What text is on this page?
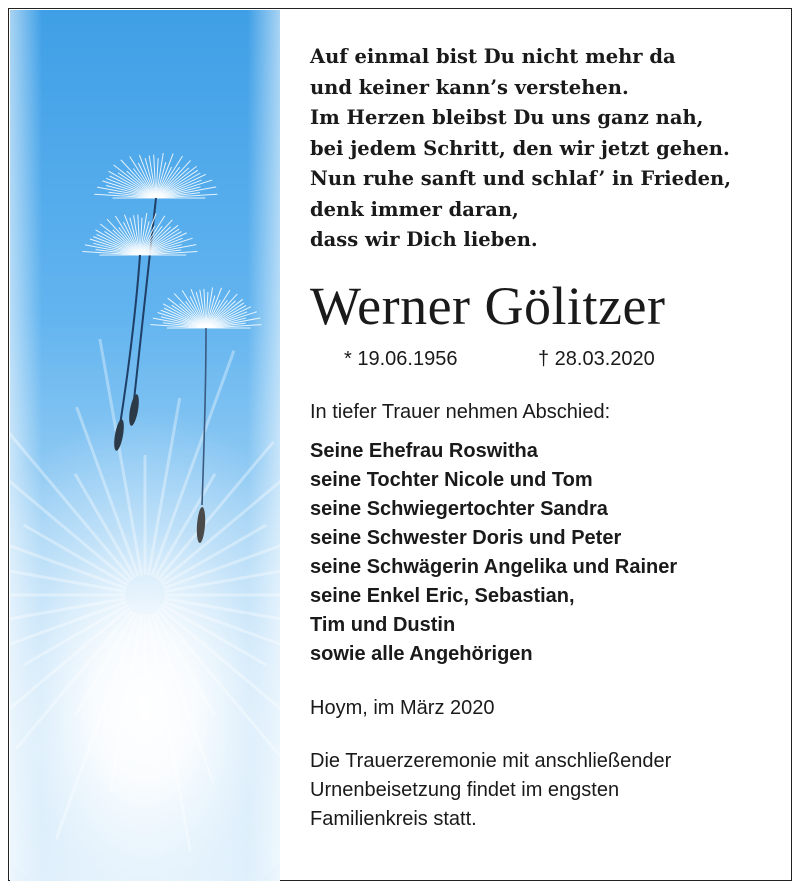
Auf einmal bist Du nicht mehr da
und keiner kann’s verstehen.
Im Herzen bleibst Du uns ganz nah,
bei jedem Schritt, den wir jetzt gehen.
Nun ruhe sanft und schlaf’ in Frieden,
denk immer daran,
dass wir Dich lieben.
Werner Gölitzer
* 19.06.1956	† 28.03.2020
In tiefer Trauer nehmen Abschied:
Seine Ehefrau Roswitha
seine Tochter Nicole und Tom
seine Schwiegertochter Sandra
seine Schwester Doris und Peter
seine Schwägerin Angelika und Rainer
seine Enkel Eric, Sebastian,
Tim und Dustin
sowie alle Angehörigen
Hoym, im März 2020
Die Trauerzeremonie mit anschließender
Urnenbeisetzung findet im engsten
Familienkreis statt.
